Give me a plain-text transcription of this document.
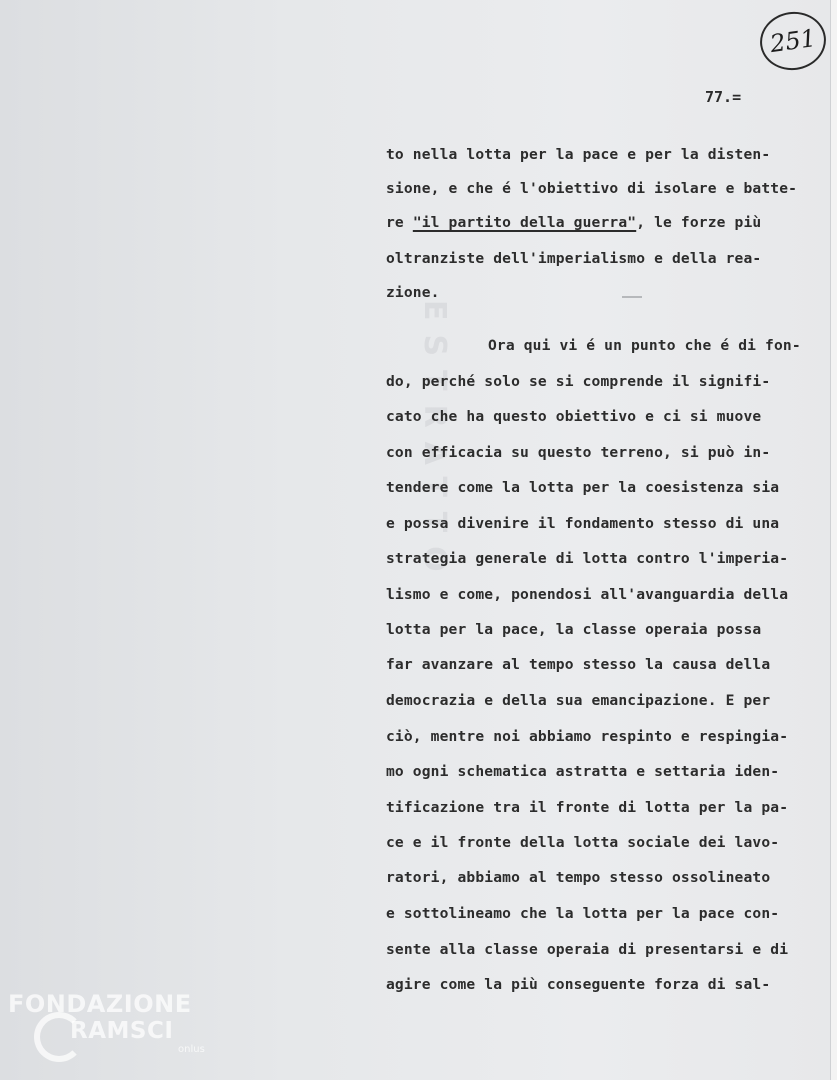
251
77.=
ESTRATTO
to nella lotta per la pace e per la disten-
sione, e che é l'obiettivo di isolare e batte-
re "il partito della guerra", le forze più
oltranziste dell'imperialismo e della rea-
zione.
Ora qui vi é un punto che é di fon-
do, perché solo se si comprende il signifi-
cato che ha questo obiettivo e ci si muove
con efficacia su questo terreno, si può in-
tendere come la lotta per la coesistenza sia
e possa divenire il fondamento stesso di una
strategia generale di lotta contro l'imperia-
lismo e come, ponendosi all'avanguardia della
lotta per la pace, la classe operaia possa
far avanzare al tempo stesso la causa della
democrazia e della sua emancipazione. E per
ciò, mentre noi abbiamo respinto e respingia-
mo ogni schematica astratta e settaria iden-
tificazione tra il fronte di lotta per la pa-
ce e il fronte della lotta sociale dei lavo-
ratori, abbiamo al tempo stesso ossolineato
e sottolineamo che la lotta per la pace con-
sente alla classe operaia di presentarsi e di
agire come la più conseguente forza di sal-
FONDAZIONE
RAMSCI
onlus
